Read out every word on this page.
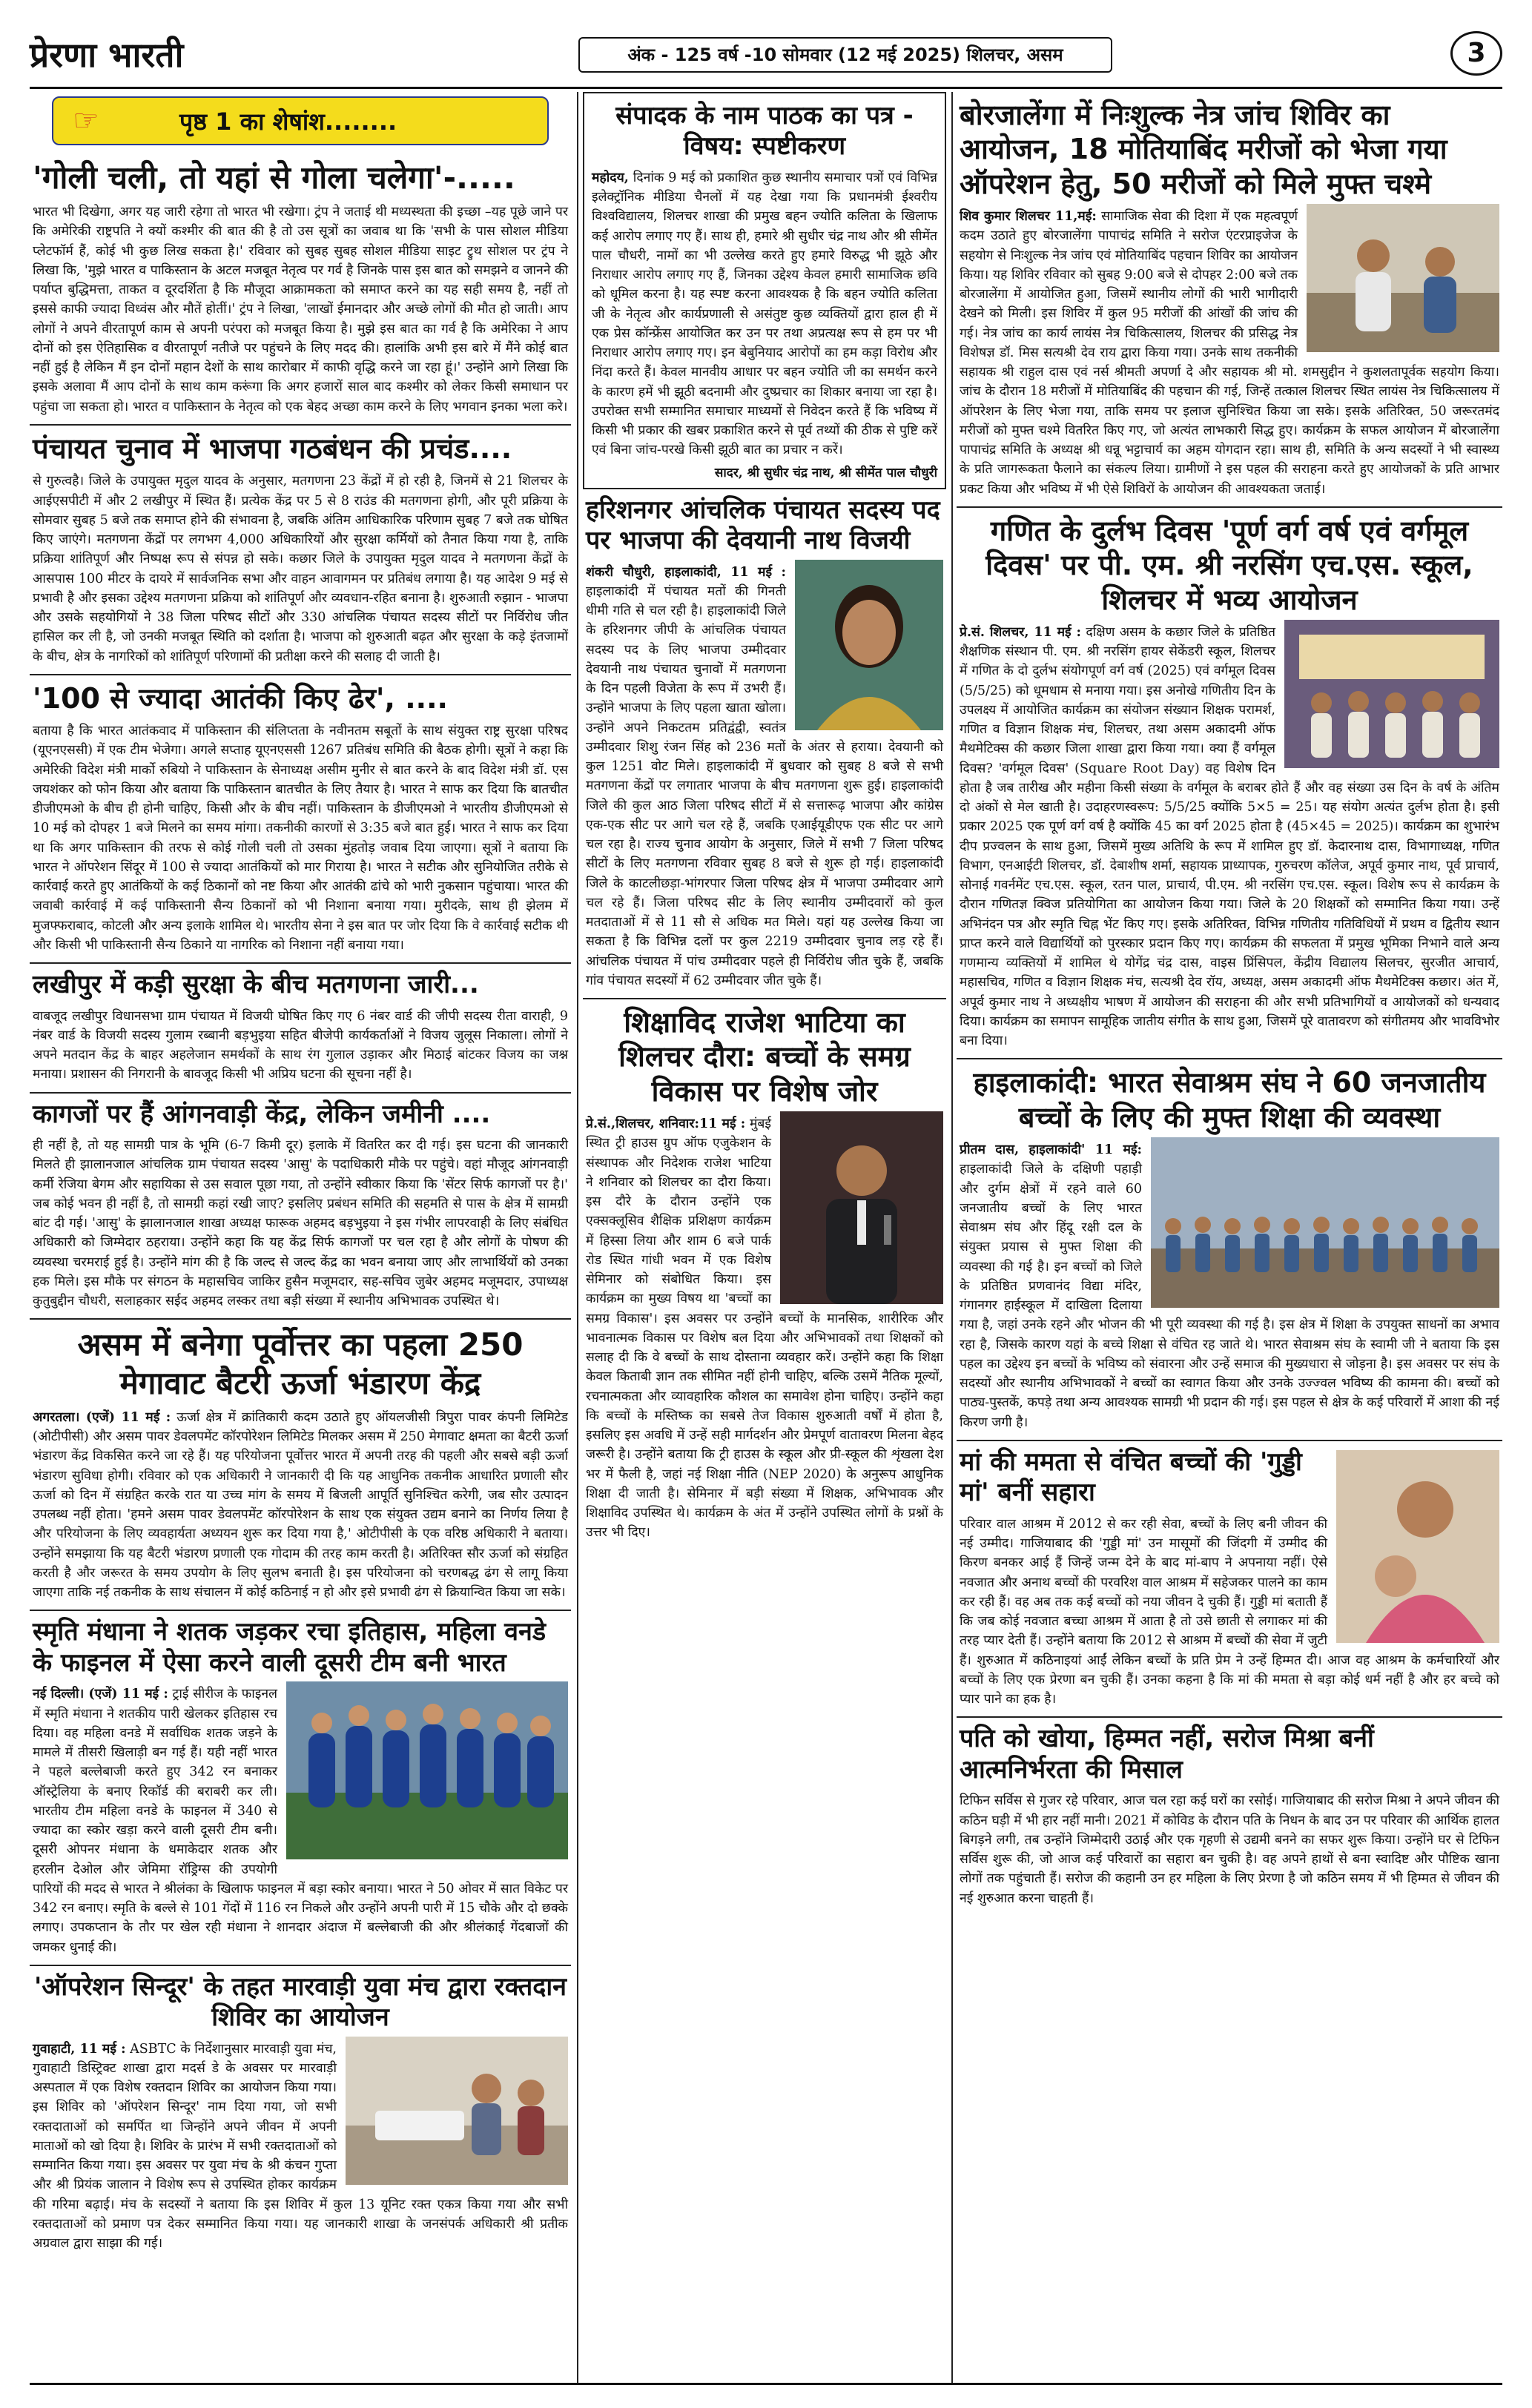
प्रेरणा भारती	अंक - 125 वर्ष -10 सोमवार (12 मई 2025) शिलचर, असम	3
☞	पृष्ठ 1 का शेषांश........
'गोली चली, तो यहां से गोला चलेगा'-.....
भारत भी दिखेगा, अगर यह जारी रहेगा तो भारत भी रखेगा। ट्रंप ने जताई थी मध्यस्थता की इच्छा –यह पूछे जाने पर कि अमेरिकी राष्ट्रपति ने क्यों कश्मीर की बात की है तो उस सूत्रों का जवाब था कि 'सभी के पास सोशल मीडिया प्लेटफॉर्म हैं, कोई भी कुछ लिख सकता है।' रविवार को सुबह सुबह सोशल मीडिया साइट ट्रुथ सोशल पर ट्रंप ने लिखा कि, 'मुझे भारत व पाकिस्तान के अटल मजबूत नेतृत्व पर गर्व है जिनके पास इस बात को समझने व जानने की पर्याप्त बुद्धिमत्ता, ताकत व दूरदर्शिता है कि मौजूदा आक्रामकता को समाप्त करने का यह सही समय है, नहीं तो इससे काफी ज्यादा विध्वंस और मौतें होतीं।' ट्रंप ने लिखा, 'लाखों ईमानदार और अच्छे लोगों की मौत हो जाती। आप लोगों ने अपने वीरतापूर्ण काम से अपनी परंपरा को मजबूत किया है। मुझे इस बात का गर्व है कि अमेरिका ने आप दोनों को इस ऐतिहासिक व वीरतापूर्ण नतीजे पर पहुंचने के लिए मदद की। हालांकि अभी इस बारे में मैंने कोई बात नहीं हुई है लेकिन मैं इन दोनों महान देशों के साथ कारोबार में काफी वृद्धि करने जा रहा हूं।' उन्होंने आगे लिखा कि इसके अलावा मैं आप दोनों के साथ काम करूंगा कि अगर हजारों साल बाद कश्मीर को लेकर किसी समाधान पर पहुंचा जा सकता हो। भारत व पाकिस्तान के नेतृत्व को एक बेहद अच्छा काम करने के लिए भगवान इनका भला करे।
पंचायत चुनाव में भाजपा गठबंधन की प्रचंड....
से गुरुत्वहै। जिले के उपायुक्त मृदुल यादव के अनुसार, मतगणना 23 केंद्रों में हो रही है, जिनमें से 21 शिलचर के आईएसपीटी में और 2 लखीपुर में स्थित हैं। प्रत्येक केंद्र पर 5 से 8 राउंड की मतगणना होगी, और पूरी प्रक्रिया के सोमवार सुबह 5 बजे तक समाप्त होने की संभावना है, जबकि अंतिम आधिकारिक परिणाम सुबह 7 बजे तक घोषित किए जाएंगे। मतगणना केंद्रों पर लगभग 4,000 अधिकारियों और सुरक्षा कर्मियों को तैनात किया गया है, ताकि प्रक्रिया शांतिपूर्ण और निष्पक्ष रूप से संपन्न हो सके। कछार जिले के उपायुक्त मृदुल यादव ने मतगणना केंद्रों के आसपास 100 मीटर के दायरे में सार्वजनिक सभा और वाहन आवागमन पर प्रतिबंध लगाया है। यह आदेश 9 मई से प्रभावी है और इसका उद्देश्य मतगणना प्रक्रिया को शांतिपूर्ण और व्यवधान-रहित बनाना है। शुरुआती रुझान - भाजपा और उसके सहयोगियों ने 38 जिला परिषद सीटों और 330 आंचलिक पंचायत सदस्य सीटों पर निर्विरोध जीत हासिल कर ली है, जो उनकी मजबूत स्थिति को दर्शाता है। भाजपा को शुरुआती बढ़त और सुरक्षा के कड़े इंतजामों के बीच, क्षेत्र के नागरिकों को शांतिपूर्ण परिणामों की प्रतीक्षा करने की सलाह दी जाती है।
'100 से ज्यादा आतंकी किए ढेर', ....
बताया है कि भारत आतंकवाद में पाकिस्तान की संलिप्तता के नवीनतम सबूतों के साथ संयुक्त राष्ट्र सुरक्षा परिषद (यूएनएससी) में एक टीम भेजेगा। अगले सप्ताह यूएनएससी 1267 प्रतिबंध समिति की बैठक होगी। सूत्रों ने कहा कि अमेरिकी विदेश मंत्री मार्को रुबियो ने पाकिस्तान के सेनाध्यक्ष असीम मुनीर से बात करने के बाद विदेश मंत्री डॉ. एस जयशंकर को फोन किया और बताया कि पाकिस्तान बातचीत के लिए तैयार है। भारत ने साफ कर दिया कि बातचीत डीजीएमओ के बीच ही होनी चाहिए, किसी और के बीच नहीं। पाकिस्तान के डीजीएमओ ने भारतीय डीजीएमओ से 10 मई को दोपहर 1 बजे मिलने का समय मांगा। तकनीकी कारणों से 3:35 बजे बात हुई। भारत ने साफ कर दिया था कि अगर पाकिस्तान की तरफ से कोई गोली चली तो उसका मुंहतोड़ जवाब दिया जाएगा। सूत्रों ने बताया कि भारत ने ऑपरेशन सिंदूर में 100 से ज्यादा आतंकियों को मार गिराया है। भारत ने सटीक और सुनियोजित तरीके से कार्रवाई करते हुए आतंकियों के कई ठिकानों को नष्ट किया और आतंकी ढांचे को भारी नुकसान पहुंचाया। भारत की जवाबी कार्रवाई में कई पाकिस्तानी सैन्य ठिकानों को भी निशाना बनाया गया। मुरीदके, साथ ही झेलम में मुजफ्फराबाद, कोटली और अन्य इलाके शामिल थे। भारतीय सेना ने इस बात पर जोर दिया कि वे कार्रवाई सटीक थी और किसी भी पाकिस्तानी सैन्य ठिकाने या नागरिक को निशाना नहीं बनाया गया।
लखीपुर में कड़ी सुरक्षा के बीच मतगणना जारी...
वाबजूद लखीपुर विधानसभा ग्राम पंचायत में विजयी घोषित किए गए 6 नंबर वार्ड की जीपी सदस्य रीता वाराही, 9 नंबर वार्ड के विजयी सदस्य गुलाम रब्बानी बड़भुइया सहित बीजेपी कार्यकर्ताओं ने विजय जुलूस निकाला। लोगों ने अपने मतदान केंद्र के बाहर अहलेजान समर्थकों के साथ रंग गुलाल उड़ाकर और मिठाई बांटकर विजय का जश्न मनाया। प्रशासन की निगरानी के बावजूद किसी भी अप्रिय घटना की सूचना नहीं है।
कागजों पर हैं आंगनवाड़ी केंद्र, लेकिन जमीनी ....
ही नहीं है, तो यह सामग्री पात्र के भूमि (6-7 किमी दूर) इलाके में वितरित कर दी गई। इस घटना की जानकारी मिलते ही झालानजाल आंचलिक ग्राम पंचायत सदस्य 'आसु' के पदाधिकारी मौके पर पहुंचे। वहां मौजूद आंगनवाड़ी कर्मी रेजिया बेगम और सहायिका से उस सवाल पूछा गया, तो उन्होंने स्वीकार किया कि 'सेंटर सिर्फ कागजों पर है।' जब कोई भवन ही नहीं है, तो सामग्री कहां रखी जाए? इसलिए प्रबंधन समिति की सहमति से पास के क्षेत्र में सामग्री बांट दी गई। 'आसु' के झालानजाल शाखा अध्यक्ष फारूक अहमद बड़भुइया ने इस गंभीर लापरवाही के लिए संबंधित अधिकारी को जिम्मेदार ठहराया। उन्होंने कहा कि यह केंद्र सिर्फ कागजों पर चल रहा है और लोगों के पोषण की व्यवस्था चरमराई हुई है। उन्होंने मांग की है कि जल्द से जल्द केंद्र का भवन बनाया जाए और लाभार्थियों को उनका हक मिले। इस मौके पर संगठन के महासचिव जाकिर हुसैन मजूमदार, सह-सचिव जुबेर अहमद मजूमदार, उपाध्यक्ष कुतुबुद्दीन चौधरी, सलाहकार सईद अहमद लस्कर तथा बड़ी संख्या में स्थानीय अभिभावक उपस्थित थे।
असम में बनेगा पूर्वोत्तर का पहला 250 मेगावाट बैटरी ऊर्जा भंडारण केंद्र
अगरतला। (एजें) 11 मई : ऊर्जा क्षेत्र में क्रांतिकारी कदम उठाते हुए ऑयलजीसी त्रिपुरा पावर कंपनी लिमिटेड (ओटीपीसी) और असम पावर डेवलपमेंट कॉरपोरेशन लिमिटेड मिलकर असम में 250 मेगावाट क्षमता का बैटरी ऊर्जा भंडारण केंद्र विकसित करने जा रहे हैं। यह परियोजना पूर्वोत्तर भारत में अपनी तरह की पहली और सबसे बड़ी ऊर्जा भंडारण सुविधा होगी। रविवार को एक अधिकारी ने जानकारी दी कि यह आधुनिक तकनीक आधारित प्रणाली सौर ऊर्जा को दिन में संग्रहित करके रात या उच्च मांग के समय में बिजली आपूर्ति सुनिश्चित करेगी, जब सौर उत्पादन उपलब्ध नहीं होता। 'हमने असम पावर डेवलपमेंट कॉरपोरेशन के साथ एक संयुक्त उद्यम बनाने का निर्णय लिया है और परियोजना के लिए व्यवहार्यता अध्ययन शुरू कर दिया गया है,' ओटीपीसी के एक वरिष्ठ अधिकारी ने बताया। उन्होंने समझाया कि यह बैटरी भंडारण प्रणाली एक गोदाम की तरह काम करती है। अतिरिक्त सौर ऊर्जा को संग्रहित करती है और जरूरत के समय उपयोग के लिए सुलभ बनाती है। इस परियोजना को चरणबद्ध ढंग से लागू किया जाएगा ताकि नई तकनीक के साथ संचालन में कोई कठिनाई न हो और इसे प्रभावी ढंग से क्रियान्वित किया जा सके।
स्मृति मंधाना ने शतक जड़कर रचा इतिहास, महिला वनडे के फाइनल में ऐसा करने वाली दूसरी टीम बनी भारत
नई दिल्ली। (एजें) 11 मई : ट्राई सीरीज के फाइनल में स्मृति मंधाना ने शतकीय पारी खेलकर इतिहास रच दिया। वह महिला वनडे में सर्वाधिक शतक जड़ने के मामले में तीसरी खिलाड़ी बन गई हैं। यही नहीं भारत ने पहले बल्लेबाजी करते हुए 342 रन बनाकर ऑस्ट्रेलिया के बनाए रिकॉर्ड की बराबरी कर ली। भारतीय टीम महिला वनडे के फाइनल में 340 से ज्यादा का स्कोर खड़ा करने वाली दूसरी टीम बनी। दूसरी ओपनर मंधाना के धमाकेदार शतक और हरलीन देओल और जेमिमा रॉड्रिग्स की उपयोगी पारियों की मदद से भारत ने श्रीलंका के खिलाफ फाइनल में बड़ा स्कोर बनाया। भारत ने 50 ओवर में सात विकेट पर 342 रन बनाए। स्मृति के बल्ले से 101 गेंदों में 116 रन निकले और उन्होंने अपनी पारी में 15 चौके और दो छक्के लगाए। उपकप्तान के तौर पर खेल रही मंधाना ने शानदार अंदाज में बल्लेबाजी की और श्रीलंकाई गेंदबाजों की जमकर धुनाई की।
'ऑपरेशन सिन्दूर' के तहत मारवाड़ी युवा मंच द्वारा रक्तदान शिविर का आयोजन
गुवाहाटी, 11 मई : ASBTC के निर्देशानुसार मारवाड़ी युवा मंच, गुवाहाटी डिस्ट्रिक्ट शाखा द्वारा मदर्स डे के अवसर पर मारवाड़ी अस्पताल में एक विशेष रक्तदान शिविर का आयोजन किया गया। इस शिविर को 'ऑपरेशन सिन्दूर' नाम दिया गया, जो सभी रक्तदाताओं को समर्पित था जिन्होंने अपने जीवन में अपनी माताओं को खो दिया है। शिविर के प्रारंभ में सभी रक्तदाताओं को सम्मानित किया गया। इस अवसर पर युवा मंच के श्री कंचन गुप्ता और श्री प्रियंक जालान ने विशेष रूप से उपस्थित होकर कार्यक्रम की गरिमा बढ़ाई। मंच के सदस्यों ने बताया कि इस शिविर में कुल 13 यूनिट रक्त एकत्र किया गया और सभी रक्तदाताओं को प्रमाण पत्र देकर सम्मानित किया गया। यह जानकारी शाखा के जनसंपर्क अधिकारी श्री प्रतीक अग्रवाल द्वारा साझा की गई।
संपादक के नाम पाठक का पत्र - विषय: स्पष्टीकरण
महोदय, दिनांक 9 मई को प्रकाशित कुछ स्थानीय समाचार पत्रों एवं विभिन्न इलेक्ट्रॉनिक मीडिया चैनलों में यह देखा गया कि प्रधानमंत्री ईश्वरीय विश्वविद्यालय, शिलचर शाखा की प्रमुख बहन ज्योति कलिता के खिलाफ कई आरोप लगाए गए हैं। साथ ही, हमारे श्री सुधीर चंद्र नाथ और श्री सीमेंत पाल चौधरी, नामों का भी उल्लेख करते हुए हमारे विरुद्ध भी झूठे और निराधार आरोप लगाए गए हैं, जिनका उद्देश्य केवल हमारी सामाजिक छवि को धूमिल करना है। यह स्पष्ट करना आवश्यक है कि बहन ज्योति कलिता जी के नेतृत्व और कार्यप्रणाली से असंतुष्ट कुछ व्यक्तियों द्वारा हाल ही में एक प्रेस कॉन्फ्रेंस आयोजित कर उन पर तथा अप्रत्यक्ष रूप से हम पर भी निराधार आरोप लगाए गए। इन बेबुनियाद आरोपों का हम कड़ा विरोध और निंदा करते हैं। केवल मानवीय आधार पर बहन ज्योति जी का समर्थन करने के कारण हमें भी झूठी बदनामी और दुष्प्रचार का शिकार बनाया जा रहा है। उपरोक्त सभी सम्मानित समाचार माध्यमों से निवेदन करते हैं कि भविष्य में किसी भी प्रकार की खबर प्रकाशित करने से पूर्व तथ्यों की ठीक से पुष्टि करें एवं बिना जांच-परखे किसी झूठी बात का प्रचार न करें।
सादर, श्री सुधीर चंद्र नाथ, श्री सीमेंत पाल चौधुरी
हरिशनगर आंचलिक पंचायत सदस्य पद पर भाजपा की देवयानी नाथ विजयी
शंकरी चौधुरी, हाइलाकांदी, 11 मई : हाइलाकांदी में पंचायत मतों की गिनती धीमी गति से चल रही है। हाइलाकांदी जिले के हरिशनगर जीपी के आंचलिक पंचायत सदस्य पद के लिए भाजपा उम्मीदवार देवयानी नाथ पंचायत चुनावों में मतगणना के दिन पहली विजेता के रूप में उभरी हैं। उन्होंने भाजपा के लिए पहला खाता खोला। उन्होंने अपने निकटतम प्रतिद्वंद्वी, स्वतंत्र उम्मीदवार शिशु रंजन सिंह को 236 मतों के अंतर से हराया। देवयानी को कुल 1251 वोट मिले। हाइलाकांदी में बुधवार को सुबह 8 बजे से सभी मतगणना केंद्रों पर लगातार भाजपा के बीच मतगणना शुरू हुई। हाइलाकांदी जिले की कुल आठ जिला परिषद सीटों में से सत्तारूढ़ भाजपा और कांग्रेस एक-एक सीट पर आगे चल रहे हैं, जबकि एआईयूडीएफ एक सीट पर आगे चल रहा है। राज्य चुनाव आयोग के अनुसार, जिले में सभी 7 जिला परिषद सीटों के लिए मतगणना रविवार सुबह 8 बजे से शुरू हो गई। हाइलाकांदी जिले के काटलीछड़ा-भांगरपार जिला परिषद क्षेत्र में भाजपा उम्मीदवार आगे चल रहे हैं। जिला परिषद सीट के लिए स्थानीय उम्मीदवारों को कुल मतदाताओं में से 11 सौ से अधिक मत मिले। यहां यह उल्लेख किया जा सकता है कि विभिन्न दलों पर कुल 2219 उम्मीदवार चुनाव लड़ रहे हैं। आंचलिक पंचायत में पांच उम्मीदवार पहले ही निर्विरोध जीत चुके हैं, जबकि गांव पंचायत सदस्यों में 62 उम्मीदवार जीत चुके हैं।
शिक्षाविद राजेश भाटिया का शिलचर दौरा: बच्चों के समग्र विकास पर विशेष जोर
प्रे.सं.,शिलचर, शनिवार:11 मई : मुंबई स्थित ट्री हाउस ग्रुप ऑफ एजुकेशन के संस्थापक और निदेशक राजेश भाटिया ने शनिवार को शिलचर का दौरा किया। इस दौरे के दौरान उन्होंने एक एक्सक्लूसिव शैक्षिक प्रशिक्षण कार्यक्रम में हिस्सा लिया और शाम 6 बजे पार्क रोड स्थित गांधी भवन में एक विशेष सेमिनार को संबोधित किया। इस कार्यक्रम का मुख्य विषय था 'बच्चों का समग्र विकास'। इस अवसर पर उन्होंने बच्चों के मानसिक, शारीरिक और भावनात्मक विकास पर विशेष बल दिया और अभिभावकों तथा शिक्षकों को सलाह दी कि वे बच्चों के साथ दोस्ताना व्यवहार करें। उन्होंने कहा कि शिक्षा केवल किताबी ज्ञान तक सीमित नहीं होनी चाहिए, बल्कि उसमें नैतिक मूल्यों, रचनात्मकता और व्यावहारिक कौशल का समावेश होना चाहिए। उन्होंने कहा कि बच्चों के मस्तिष्क का सबसे तेज विकास शुरुआती वर्षों में होता है, इसलिए इस अवधि में उन्हें सही मार्गदर्शन और प्रेमपूर्ण वातावरण मिलना बेहद जरूरी है। उन्होंने बताया कि ट्री हाउस के स्कूल और प्री-स्कूल की शृंखला देश भर में फैली है, जहां नई शिक्षा नीति (NEP 2020) के अनुरूप आधुनिक शिक्षा दी जाती है। सेमिनार में बड़ी संख्या में शिक्षक, अभिभावक और शिक्षाविद उपस्थित थे। कार्यक्रम के अंत में उन्होंने उपस्थित लोगों के प्रश्नों के उत्तर भी दिए।
बोरजालेंगा में निःशुल्क नेत्र जांच शिविर का आयोजन, 18 मोतियाबिंद मरीजों को भेजा गया ऑपरेशन हेतु, 50 मरीजों को मिले मुफ्त चश्मे
शिव कुमार शिलचर 11,मई: सामाजिक सेवा की दिशा में एक महत्वपूर्ण कदम उठाते हुए बोरजालेंगा पापाचंद्र समिति ने सरोज एंटरप्राइजेज के सहयोग से निःशुल्क नेत्र जांच एवं मोतियाबिंद पहचान शिविर का आयोजन किया। यह शिविर रविवार को सुबह 9:00 बजे से दोपहर 2:00 बजे तक बोरजालेंगा में आयोजित हुआ, जिसमें स्थानीय लोगों की भारी भागीदारी देखने को मिली। इस शिविर में कुल 95 मरीजों की आंखों की जांच की गई। नेत्र जांच का कार्य लायंस नेत्र चिकित्सालय, शिलचर की प्रसिद्ध नेत्र विशेषज्ञ डॉ. मिस सत्यश्री देव राय द्वारा किया गया। उनके साथ तकनीकी सहायक श्री राहुल दास एवं नर्स श्रीमती अपर्णा दे और सहायक श्री मो. शमसुद्दीन ने कुशलतापूर्वक सहयोग किया। जांच के दौरान 18 मरीजों में मोतियाबिंद की पहचान की गई, जिन्हें तत्काल शिलचर स्थित लायंस नेत्र चिकित्सालय में ऑपरेशन के लिए भेजा गया, ताकि समय पर इलाज सुनिश्चित किया जा सके। इसके अतिरिक्त, 50 जरूरतमंद मरीजों को मुफ्त चश्मे वितरित किए गए, जो अत्यंत लाभकारी सिद्ध हुए। कार्यक्रम के सफल आयोजन में बोरजालेंगा पापाचंद्र समिति के अध्यक्ष श्री धन्नू भट्टाचार्य का अहम योगदान रहा। साथ ही, समिति के अन्य सदस्यों ने भी स्वास्थ्य के प्रति जागरूकता फैलाने का संकल्प लिया। ग्रामीणों ने इस पहल की सराहना करते हुए आयोजकों के प्रति आभार प्रकट किया और भविष्य में भी ऐसे शिविरों के आयोजन की आवश्यकता जताई।
गणित के दुर्लभ दिवस 'पूर्ण वर्ग वर्ष एवं वर्गमूल दिवस' पर पी. एम. श्री नरसिंग एच.एस. स्कूल, शिलचर में भव्य आयोजन
प्रे.सं. शिलचर, 11 मई : दक्षिण असम के कछार जिले के प्रतिष्ठित शैक्षणिक संस्थान पी. एम. श्री नरसिंग हायर सेकेंडरी स्कूल, शिलचर में गणित के दो दुर्लभ संयोगपूर्ण वर्ग वर्ष (2025) एवं वर्गमूल दिवस (5/5/25) को धूमधाम से मनाया गया। इस अनोखे गणितीय दिन के उपलक्ष्य में आयोजित कार्यक्रम का संयोजन संख्यान शिक्षक परामर्श, गणित व विज्ञान शिक्षक मंच, शिलचर, तथा असम अकादमी ऑफ मैथमेटिक्स की कछार जिला शाखा द्वारा किया गया। क्या हैं वर्गमूल दिवस? 'वर्गमूल दिवस' (Square Root Day) वह विशेष दिन होता है जब तारीख और महीना किसी संख्या के वर्गमूल के बराबर होते हैं और वह संख्या उस दिन के वर्ष के अंतिम दो अंकों से मेल खाती है। उदाहरणस्वरूप: 5/5/25 क्योंकि 5×5 = 25। यह संयोग अत्यंत दुर्लभ होता है। इसी प्रकार 2025 एक पूर्ण वर्ग वर्ष है क्योंकि 45 का वर्ग 2025 होता है (45×45 = 2025)। कार्यक्रम का शुभारंभ दीप प्रज्वलन के साथ हुआ, जिसमें मुख्य अतिथि के रूप में शामिल हुए डॉ. केदारनाथ दास, विभागाध्यक्ष, गणित विभाग, एनआईटी शिलचर, डॉ. देबाशीष शर्मा, सहायक प्राध्यापक, गुरुचरण कॉलेज, अपूर्व कुमार नाथ, पूर्व प्राचार्य, सोनाई गवर्नमेंट एच.एस. स्कूल, रतन पाल, प्राचार्य, पी.एम. श्री नरसिंग एच.एस. स्कूल। विशेष रूप से कार्यक्रम के दौरान गणितज्ञ क्विज प्रतियोगिता का आयोजन किया गया। जिले के 20 शिक्षकों को सम्मानित किया गया। उन्हें अभिनंदन पत्र और स्मृति चिह्न भेंट किए गए। इसके अतिरिक्त, विभिन्न गणितीय गतिविधियों में प्रथम व द्वितीय स्थान प्राप्त करने वाले विद्यार्थियों को पुरस्कार प्रदान किए गए। कार्यक्रम की सफलता में प्रमुख भूमिका निभाने वाले अन्य गणमान्य व्यक्तियों में शामिल थे योगेंद्र चंद्र दास, वाइस प्रिंसिपल, केंद्रीय विद्यालय सिलचर, सुरजीत आचार्य, महासचिव, गणित व विज्ञान शिक्षक मंच, सत्यश्री देव रॉय, अध्यक्ष, असम अकादमी ऑफ मैथमेटिक्स कछार। अंत में, अपूर्व कुमार नाथ ने अध्यक्षीय भाषण में आयोजन की सराहना की और सभी प्रतिभागियों व आयोजकों को धन्यवाद दिया। कार्यक्रम का समापन सामूहिक जातीय संगीत के साथ हुआ, जिसमें पूरे वातावरण को संगीतमय और भावविभोर बना दिया।
हाइलाकांदी: भारत सेवाश्रम संघ ने 60 जनजातीय बच्चों के लिए की मुफ्त शिक्षा की व्यवस्था
प्रीतम दास, हाइलाकांदी' 11 मई: हाइलाकांदी जिले के दक्षिणी पहाड़ी और दुर्गम क्षेत्रों में रहने वाले 60 जनजातीय बच्चों के लिए भारत सेवाश्रम संघ और हिंदू रक्षी दल के संयुक्त प्रयास से मुफ्त शिक्षा की व्यवस्था की गई है। इन बच्चों को जिले के प्रतिष्ठित प्रणवानंद विद्या मंदिर, गंगानगर हाईस्कूल में दाखिला दिलाया गया है, जहां उनके रहने और भोजन की भी पूरी व्यवस्था की गई है। इस क्षेत्र में शिक्षा के उपयुक्त साधनों का अभाव रहा है, जिसके कारण यहां के बच्चे शिक्षा से वंचित रह जाते थे। भारत सेवाश्रम संघ के स्वामी जी ने बताया कि इस पहल का उद्देश्य इन बच्चों के भविष्य को संवारना और उन्हें समाज की मुख्यधारा से जोड़ना है। इस अवसर पर संघ के सदस्यों और स्थानीय अभिभावकों ने बच्चों का स्वागत किया और उनके उज्ज्वल भविष्य की कामना की। बच्चों को पाठ्य-पुस्तकें, कपड़े तथा अन्य आवश्यक सामग्री भी प्रदान की गई। इस पहल से क्षेत्र के कई परिवारों में आशा की नई किरण जगी है।
मां की ममता से वंचित बच्चों की 'गुड्डी मां' बनीं सहारा
परिवार वाल आश्रम में 2012 से कर रही सेवा, बच्चों के लिए बनी जीवन की नई उम्मीद। गाजियाबाद की 'गुड्डी मां' उन मासूमों की जिंदगी में उम्मीद की किरण बनकर आई हैं जिन्हें जन्म देने के बाद मां-बाप ने अपनाया नहीं। ऐसे नवजात और अनाथ बच्चों की परवरिश वाल आश्रम में सहेजकर पालने का काम कर रही हैं। वह अब तक कई बच्चों को नया जीवन दे चुकी हैं। गुड्डी मां बताती हैं कि जब कोई नवजात बच्चा आश्रम में आता है तो उसे छाती से लगाकर मां की तरह प्यार देती हैं। उन्होंने बताया कि 2012 से आश्रम में बच्चों की सेवा में जुटी हैं। शुरुआत में कठिनाइयां आईं लेकिन बच्चों के प्रति प्रेम ने उन्हें हिम्मत दी। आज वह आश्रम के कर्मचारियों और बच्चों के लिए एक प्रेरणा बन चुकी हैं। उनका कहना है कि मां की ममता से बड़ा कोई धर्म नहीं है और हर बच्चे को प्यार पाने का हक है।
पति को खोया, हिम्मत नहीं, सरोज मिश्रा बनीं आत्मनिर्भरता की मिसाल
टिफिन सर्विस से गुजर रहे परिवार, आज चल रहा कई घरों का रसोई। गाजियाबाद की सरोज मिश्रा ने अपने जीवन की कठिन घड़ी में भी हार नहीं मानी। 2021 में कोविड के दौरान पति के निधन के बाद उन पर परिवार की आर्थिक हालत बिगड़ने लगी, तब उन्होंने जिम्मेदारी उठाई और एक गृहणी से उद्यमी बनने का सफर शुरू किया। उन्होंने घर से टिफिन सर्विस शुरू की, जो आज कई परिवारों का सहारा बन चुकी है। वह अपने हाथों से बना स्वादिष्ट और पौष्टिक खाना लोगों तक पहुंचाती हैं। सरोज की कहानी उन हर महिला के लिए प्रेरणा है जो कठिन समय में भी हिम्मत से जीवन की नई शुरुआत करना चाहती हैं।
